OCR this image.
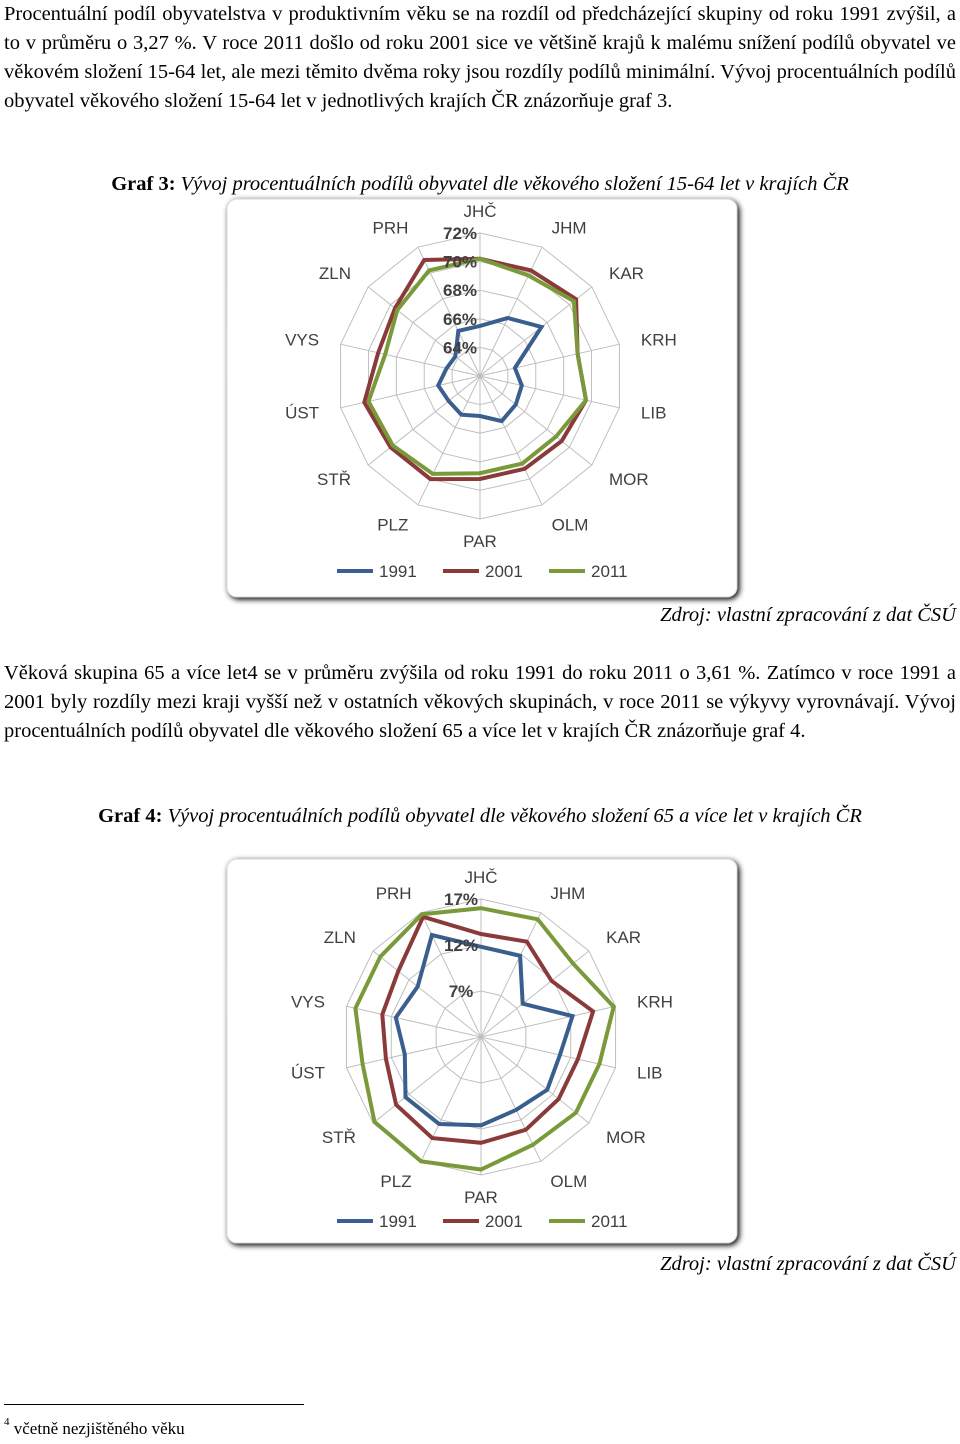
Procentuální podíl obyvatelstva v produktivním věku se na rozdíl od předcházející skupiny od roku 1991 zvýšil, a to v průměru o 3,27 %. V roce 2011 došlo od roku 2001 sice ve většině krajů k malému snížení podílů obyvatel ve věkovém složení 15-64 let, ale mezi těmito dvěma roky jsou rozdíly podílů minimální. Vývoj procentuálních podílů obyvatel věkového složení 15-64 let v jednotlivých krajích ČR znázorňuje graf 3.

Graf 3: Vývoj procentuálních podílů obyvatel dle věkového složení 15-64 let v krajích ČR
JHČ
JHM
KAR
KRH
LIB
MOR
OLM
PAR
PLZ
STŘ
ÚST
VYS
ZLN
PRH
64%
66%
68%
70%
72%
1991	2001	2011
Zdroj: vlastní zpracování z dat ČSÚ

Věková skupina 65 a více let4 se v průměru zvýšila od roku 1991 do roku 2011 o 3,61 %. Zatímco v roce 1991 a 2001 byly rozdíly mezi kraji vyšší než v ostatních věkových skupinách, v roce 2011 se výkyvy vyrovnávají. Vývoj procentuálních podílů obyvatel dle věkového složení 65 a více let v krajích ČR znázorňuje graf 4.

Graf 4: Vývoj procentuálních podílů obyvatel dle věkového složení 65 a více let v krajích ČR
JHČ
JHM
KAR
KRH
LIB
MOR
OLM
PAR
PLZ
STŘ
ÚST
VYS
ZLN
PRH
7%
12%
17%
1991	2001	2011
Zdroj: vlastní zpracování z dat ČSÚ
$^4$ včetně nezjištěného věku
